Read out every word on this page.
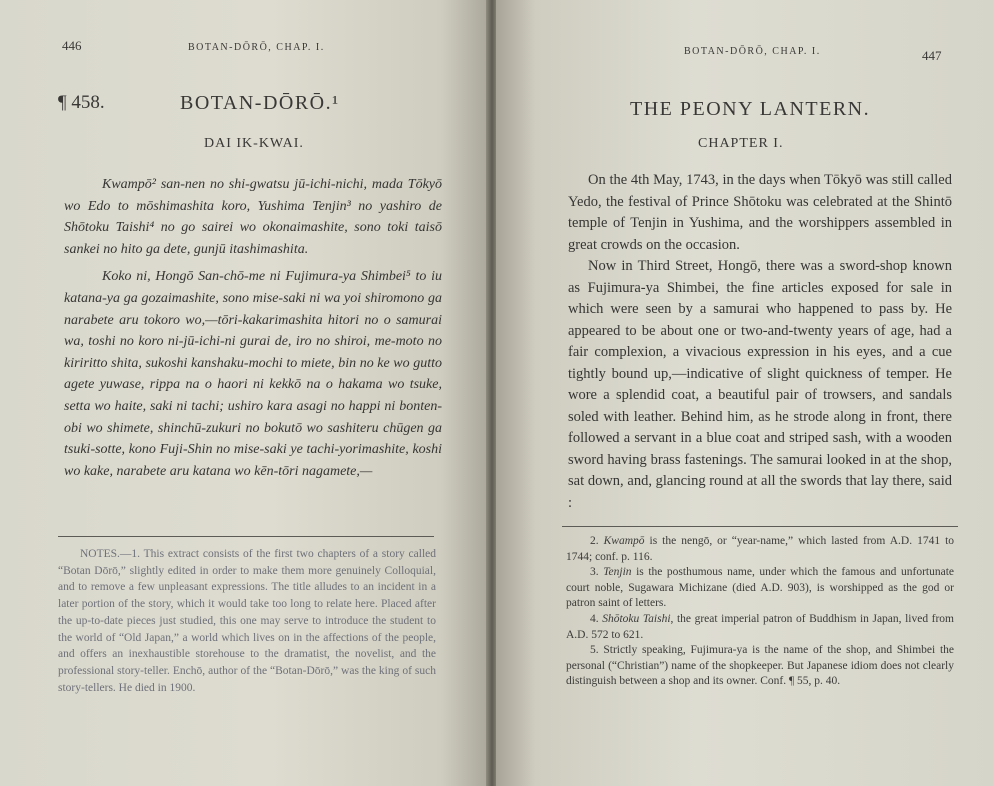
446	BOTAN-DŌRŌ, CHAP. I.
¶ 458.	BOTAN-DŌRŌ.¹
DAI IK-KWAI.

Kwampō² san-nen no shi-gwatsu jū-ichi-nichi, mada Tōkyō wo Edo to mōshimashita koro, Yushima Tenjin³ no yashiro de Shōtoku Taishi⁴ no go sairei wo okonaimashite, sono toki taisō sankei no hito ga dete, gunjū itashimashita.

Koko ni, Hongō San-chō-me ni Fujimura-ya Shimbei⁵ to iu katana-ya ga gozaimashite, sono mise-saki ni wa yoi shiromono ga narabete aru tokoro wo,—tōri-kakarimashita hitori no o samurai wa, toshi no koro ni-jū-ichi-ni gurai de, iro no shiroi, me-moto no kiriritto shita, sukoshi kanshaku-mochi to miete, bin no ke wo gutto agete yuwase, rippa na o haori ni kekkō na o hakama wo tsuke, setta wo haite, saki ni tachi; ushiro kara asagi no happi ni bonten-obi wo shimete, shinchū-zukuri no bokutō wo sashiteru chūgen ga tsuki-sotte, kono Fuji-Shin no mise-saki ye tachi-yorimashite, koshi wo kake, narabete aru katana wo kēn-tōri nagamete,—

NOTES.—1. This extract consists of the first two chapters of a story called “Botan Dōrō,” slightly edited in order to make them more genuinely Colloquial, and to remove a few unpleasant expressions. The title alludes to an incident in a later portion of the story, which it would take too long to relate here. Placed after the up-to-date pieces just studied, this one may serve to introduce the student to the world of “Old Japan,” a world which lives on in the affections of the people, and offers an inexhaustible storehouse to the dramatist, the novelist, and the professional story-teller. Enchō, author of the “Botan-Dōrō,” was the king of such story-tellers. He died in 1900.
BOTAN-DŌRŌ, CHAP. I.	447
THE PEONY LANTERN.
CHAPTER I.

On the 4th May, 1743, in the days when Tōkyō was still called Yedo, the festival of Prince Shōtoku was celebrated at the Shintō temple of Tenjin in Yushima, and the worshippers assembled in great crowds on the occasion.

Now in Third Street, Hongō, there was a sword-shop known as Fujimura-ya Shimbei, the fine articles exposed for sale in which were seen by a samurai who happened to pass by. He appeared to be about one or two-and-twenty years of age, had a fair complexion, a vivacious expression in his eyes, and a cue tightly bound up,—indicative of slight quickness of temper. He wore a splendid coat, a beautiful pair of trowsers, and sandals soled with leather. Behind him, as he strode along in front, there followed a servant in a blue coat and striped sash, with a wooden sword having brass fastenings. The samurai looked in at the shop, sat down, and, glancing round at all the swords that lay there, said :

2. Kwampō is the nengō, or “year-name,” which lasted from A.D. 1741 to 1744; conf. p. 116.

3. Tenjin is the posthumous name, under which the famous and unfortunate court noble, Sugawara Michizane (died A.D. 903), is worshipped as the god or patron saint of letters.

4. Shōtoku Taishi, the great imperial patron of Buddhism in Japan, lived from A.D. 572 to 621.

5. Strictly speaking, Fujimura-ya is the name of the shop, and Shimbei the personal (“Christian”) name of the shopkeeper. But Japanese idiom does not clearly distinguish between a shop and its owner. Conf. ¶ 55, p. 40.
